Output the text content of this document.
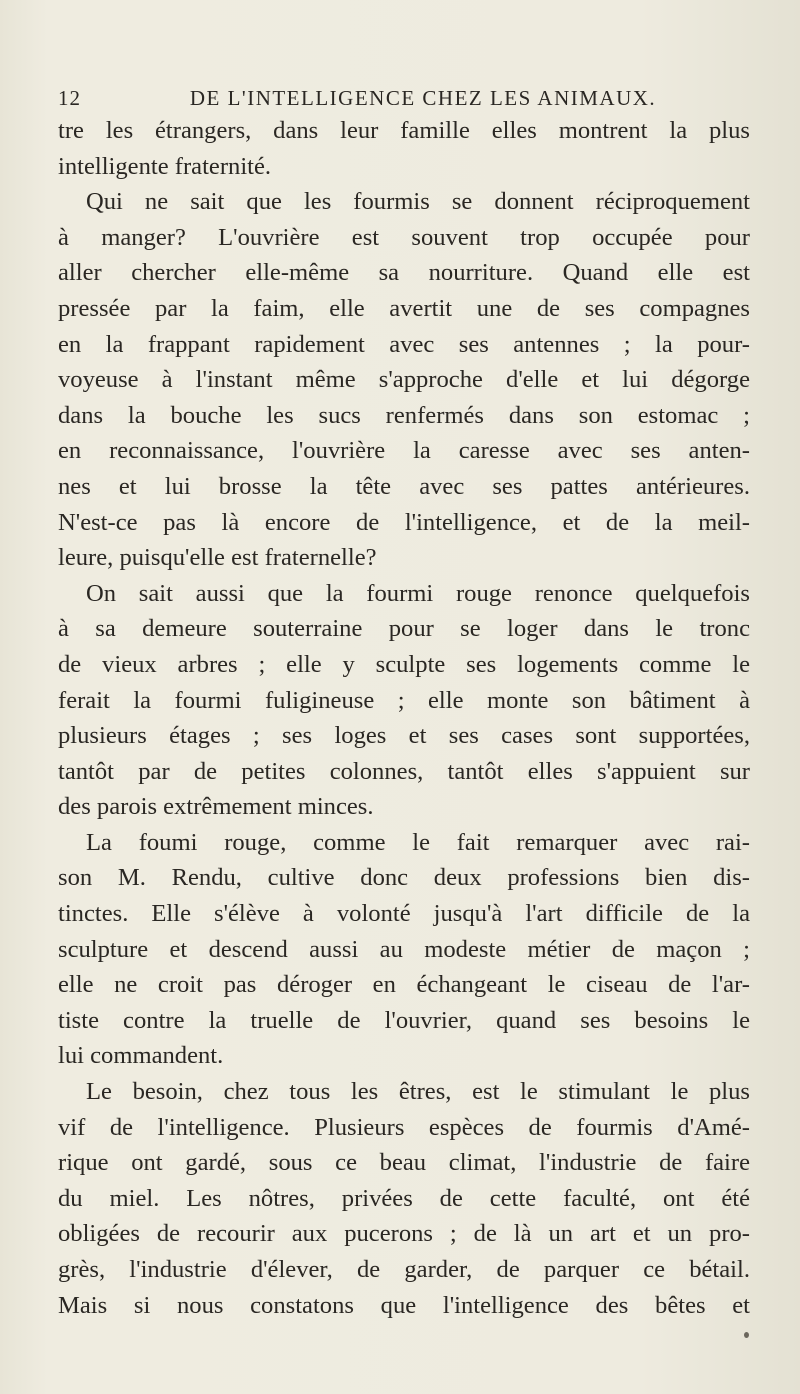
12	DE L'INTELLIGENCE CHEZ LES ANIMAUX.
tre les étrangers, dans leur famille elles montrent la plus
intelligente fraternité.
Qui ne sait que les fourmis se donnent réciproquement
à manger? L'ouvrière est souvent trop occupée pour
aller chercher elle-même sa nourriture. Quand elle est
pressée par la faim, elle avertit une de ses compagnes
en la frappant rapidement avec ses antennes ; la pour-
voyeuse à l'instant même s'approche d'elle et lui dégorge
dans la bouche les sucs renfermés dans son estomac ;
en reconnaissance, l'ouvrière la caresse avec ses anten-
nes et lui brosse la tête avec ses pattes antérieures.
N'est-ce pas là encore de l'intelligence, et de la meil-
leure, puisqu'elle est fraternelle?
On sait aussi que la fourmi rouge renonce quelquefois
à sa demeure souterraine pour se loger dans le tronc
de vieux arbres ; elle y sculpte ses logements comme le
ferait la fourmi fuligineuse ; elle monte son bâtiment à
plusieurs étages ; ses loges et ses cases sont supportées,
tantôt par de petites colonnes, tantôt elles s'appuient sur
des parois extrêmement minces.
La foumi rouge, comme le fait remarquer avec rai-
son M. Rendu, cultive donc deux professions bien dis-
tinctes. Elle s'élève à volonté jusqu'à l'art difficile de la
sculpture et descend aussi au modeste métier de maçon ;
elle ne croit pas déroger en échangeant le ciseau de l'ar-
tiste contre la truelle de l'ouvrier, quand ses besoins le
lui commandent.
Le besoin, chez tous les êtres, est le stimulant le plus
vif de l'intelligence. Plusieurs espèces de fourmis d'Amé-
rique ont gardé, sous ce beau climat, l'industrie de faire
du miel. Les nôtres, privées de cette faculté, ont été
obligées de recourir aux pucerons ; de là un art et un pro-
grès, l'industrie d'élever, de garder, de parquer ce bétail.
Mais si nous constatons que l'intelligence des bêtes et
